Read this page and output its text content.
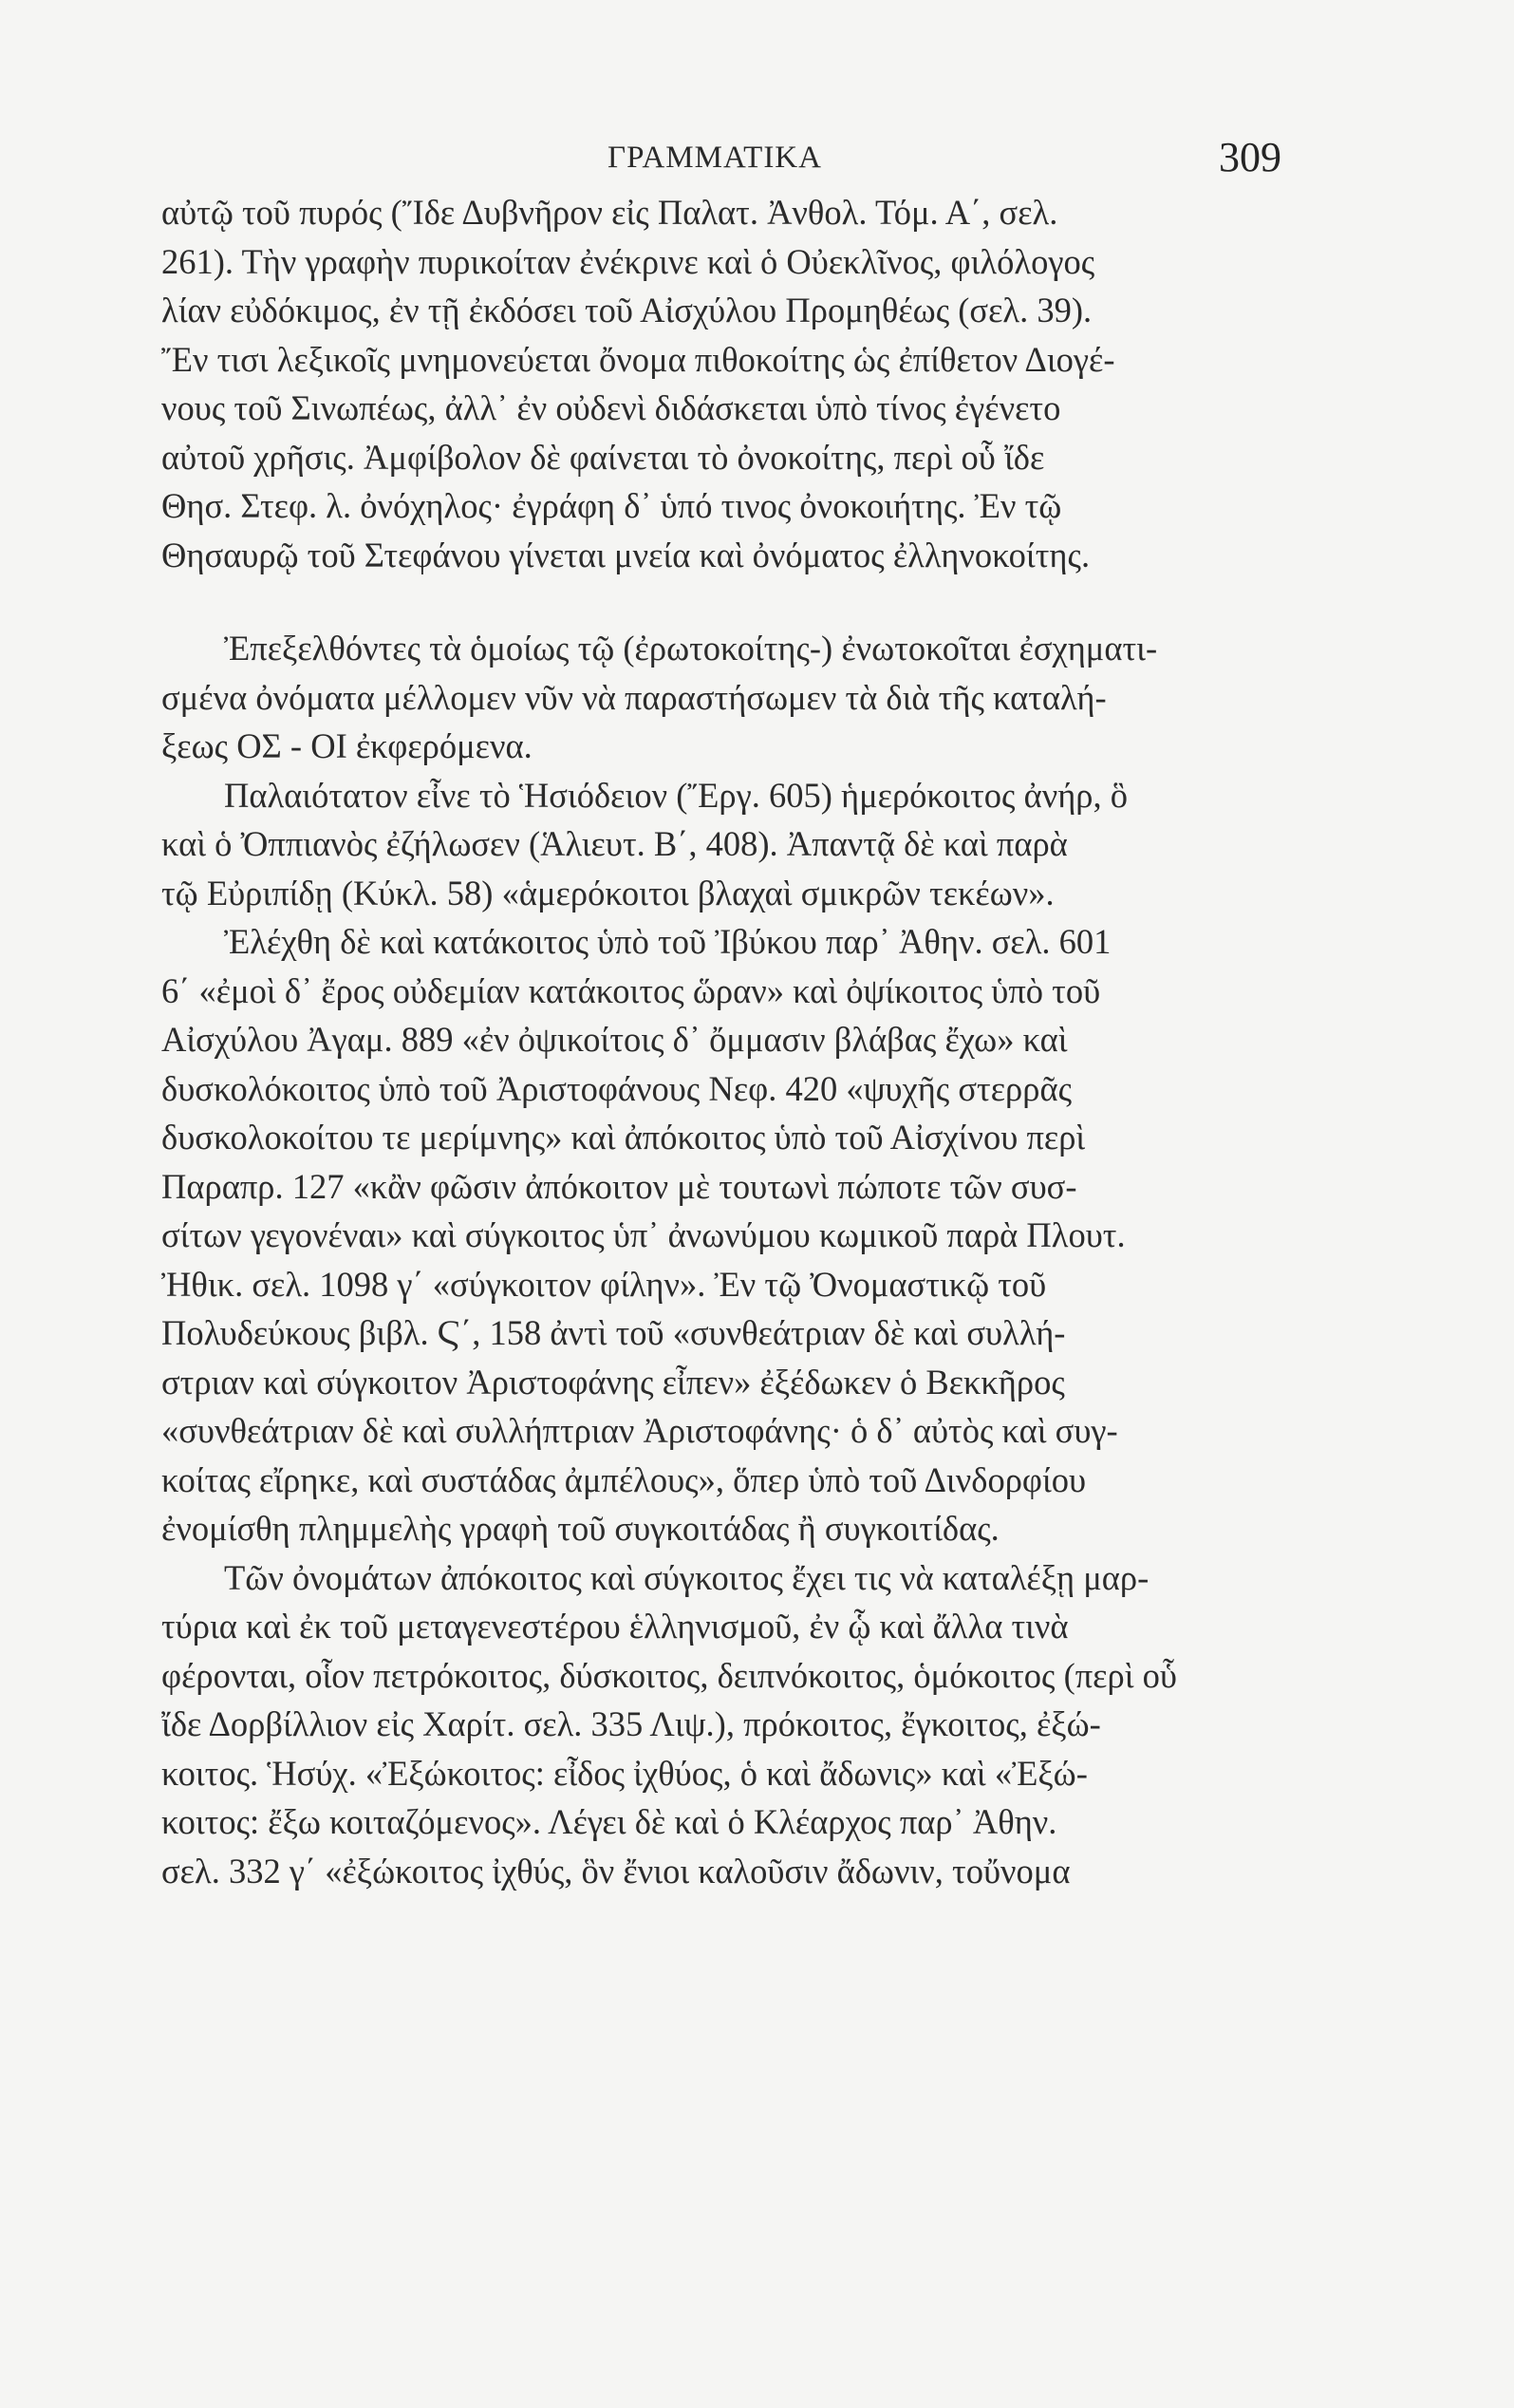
ΓΡΑΜΜΑΤΙΚΑ	309
αὐτῷ τοῦ πυρός (Ἴδε Δυβνῆρον εἰς Παλατ. Ἀνθολ. Τόμ. Α΄, σελ.
261). Τὴν γραφὴν πυρικοίταν ἐνέκρινε καὶ ὁ Οὐεκλῖνος, φιλόλογος
λίαν εὐδόκιμος, ἐν τῇ ἐκδόσει τοῦ Αἰσχύλου Προμηθέως (σελ. 39).
Ἔν τισι λεξικοῖς μνημονεύεται ὄνομα πιθοκοίτης ὡς ἐπίθετον Διογέ-
νους τοῦ Σινωπέως, ἀλλ᾽ ἐν οὐδενὶ διδάσκεται ὑπὸ τίνος ἐγένετο
αὐτοῦ χρῆσις. Ἀμφίβολον δὲ φαίνεται τὸ ὀνοκοίτης, περὶ οὗ ἴδε
Θησ. Στεφ. λ. ὀνόχηλος· ἐγράφη δ᾽ ὑπό τινος ὀνοκοιήτης. Ἐν τῷ
Θησαυρῷ τοῦ Στεφάνου γίνεται μνεία καὶ ὀνόματος ἐλληνοκοίτης.
Ἐπεξελθόντες τὰ ὁμοίως τῷ (ἐρωτοκοίτης-) ἐνωτοκοῖται ἐσχηματι-
σμένα ὀνόματα μέλλομεν νῦν νὰ παραστήσωμεν τὰ διὰ τῆς καταλή-
ξεως ΟΣ - ΟΙ ἐκφερόμενα.
Παλαιότατον εἶνε τὸ Ἡσιόδειον (Ἔργ. 605) ἡμερόκοιτος ἀνήρ, ὃ
καὶ ὁ Ὀππιανὸς ἐζήλωσεν (Ἁλιευτ. Β΄, 408). Ἀπαντᾷ δὲ καὶ παρὰ
τῷ Εὐριπίδῃ (Κύκλ. 58) «ἁμερόκοιτοι βλαχαὶ σμικρῶν τεκέων».
Ἐλέχθη δὲ καὶ κατάκοιτος ὑπὸ τοῦ Ἰβύκου παρ᾽ Ἀθην. σελ. 601
6΄ «ἐμοὶ δ᾽ ἔρος οὐδεμίαν κατάκοιτος ὥραν» καὶ ὀψίκοιτος ὑπὸ τοῦ
Αἰσχύλου Ἀγαμ. 889 «ἐν ὀψικοίτοις δ᾽ ὄμμασιν βλάβας ἔχω» καὶ
δυσκολόκοιτος ὑπὸ τοῦ Ἀριστοφάνους Νεφ. 420 «ψυχῆς στερρᾶς
δυσκολοκοίτου τε μερίμνης» καὶ ἀπόκοιτος ὑπὸ τοῦ Αἰσχίνου περὶ
Παραπρ. 127 «κἂν φῶσιν ἀπόκοιτον μὲ τουτωνὶ πώποτε τῶν συσ-
σίτων γεγονέναι» καὶ σύγκοιτος ὑπ᾽ ἀνωνύμου κωμικοῦ παρὰ Πλουτ.
Ἠθικ. σελ. 1098 γ΄ «σύγκοιτον φίλην». Ἐν τῷ Ὀνομαστικῷ τοῦ
Πολυδεύκους βιβλ. Ϛ΄, 158 ἀντὶ τοῦ «συνθεάτριαν δὲ καὶ συλλή-
στριαν καὶ σύγκοιτον Ἀριστοφάνης εἶπεν» ἐξέδωκεν ὁ Βεκκῆρος
«συνθεάτριαν δὲ καὶ συλλήπτριαν Ἀριστοφάνης· ὁ δ᾽ αὐτὸς καὶ συγ-
κοίτας εἴρηκε, καὶ συστάδας ἀμπέλους», ὅπερ ὑπὸ τοῦ Δινδορφίου
ἐνομίσθη πλημμελὴς γραφὴ τοῦ συγκοιτάδας ἢ συγκοιτίδας.
Τῶν ὀνομάτων ἀπόκοιτος καὶ σύγκοιτος ἔχει τις νὰ καταλέξῃ μαρ-
τύρια καὶ ἐκ τοῦ μεταγενεστέρου ἑλληνισμοῦ, ἐν ᾧ καὶ ἄλλα τινὰ
φέρονται, οἷον πετρόκοιτος, δύσκοιτος, δειπνόκοιτος, ὁμόκοιτος (περὶ οὗ
ἴδε Δορβίλλιον εἰς Χαρίτ. σελ. 335 Λιψ.), πρόκοιτος, ἔγκοιτος, ἐξώ-
κοιτος. Ἡσύχ. «Ἐξώκοιτος: εἶδος ἰχθύος, ὁ καὶ ἄδωνις» καὶ «Ἐξώ-
κοιτος: ἔξω κοιταζόμενος». Λέγει δὲ καὶ ὁ Κλέαρχος παρ᾽ Ἀθην.
σελ. 332 γ΄ «ἐξώκοιτος ἰχθύς, ὃν ἔνιοι καλοῦσιν ἄδωνιν, τοὔνομα
